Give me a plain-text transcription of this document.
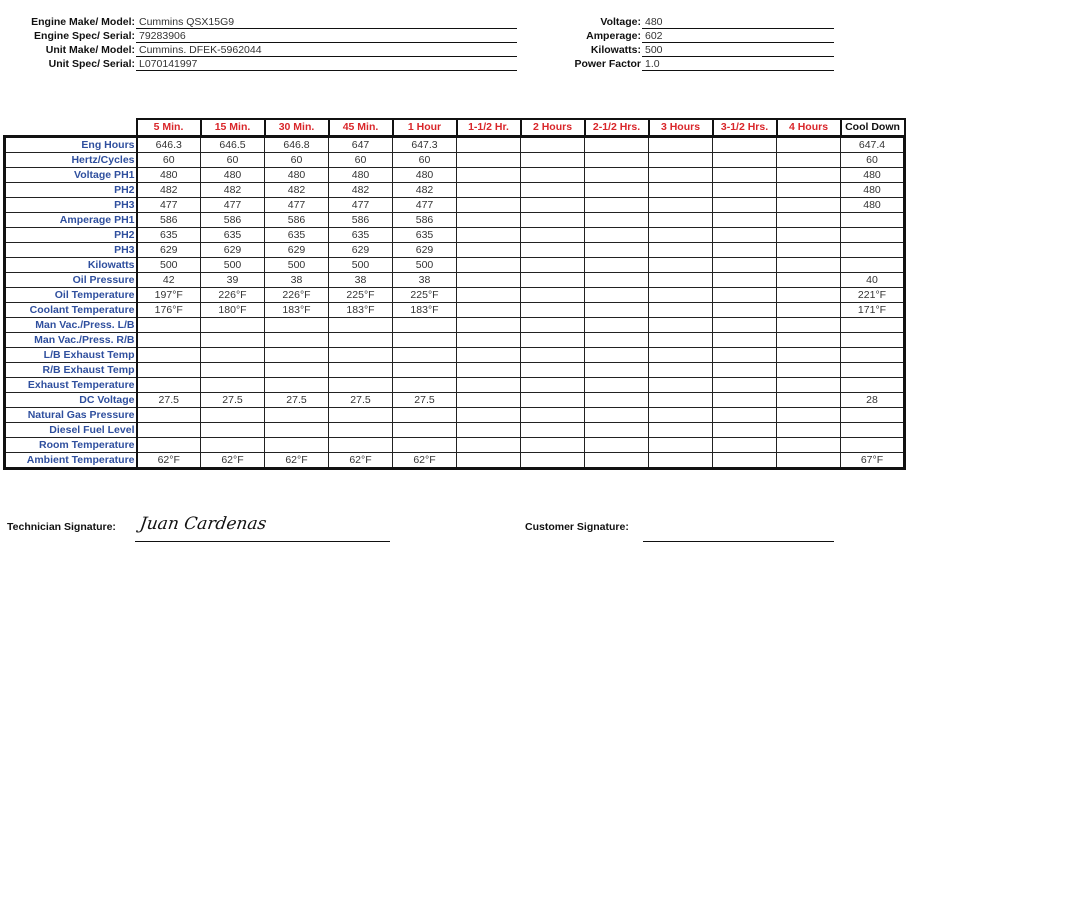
Engine Make/ Model: Cummins QSX15G9
Engine Spec/ Serial: 79283906
Unit Make/ Model: Cummins. DFEK-5962044
Unit Spec/ Serial: L070141997
Voltage: 480
Amperage: 602
Kilowatts: 500
Power Factor 1.0
	5 Min.	15 Min.	30 Min.	45 Min.	1 Hour	1-1/2 Hr.	2 Hours	2-1/2 Hrs.	3 Hours	3-1/2 Hrs.	4 Hours	Cool Down
Eng Hours	646.3	646.5	646.8	647	647.3							647.4
Hertz/Cycles	60	60	60	60	60							60
Voltage PH1	480	480	480	480	480							480
PH2	482	482	482	482	482							480
PH3	477	477	477	477	477							480
Amperage PH1	586	586	586	586	586							
PH2	635	635	635	635	635							
PH3	629	629	629	629	629							
Kilowatts	500	500	500	500	500							
Oil Pressure	42	39	38	38	38							40
Oil Temperature	197°F	226°F	226°F	225°F	225°F							221°F
Coolant Temperature	176°F	180°F	183°F	183°F	183°F							171°F
Man Vac./Press. L/B												
Man Vac./Press. R/B												
L/B Exhaust Temp												
R/B Exhaust Temp												
Exhaust Temperature												
DC Voltage	27.5	27.5	27.5	27.5	27.5							28
Natural Gas Pressure												
Diesel Fuel Level												
Room Temperature												
Ambient Temperature	62°F	62°F	62°F	62°F	62°F							67°F
Technician Signature: Juan Cardenas	Customer Signature:
